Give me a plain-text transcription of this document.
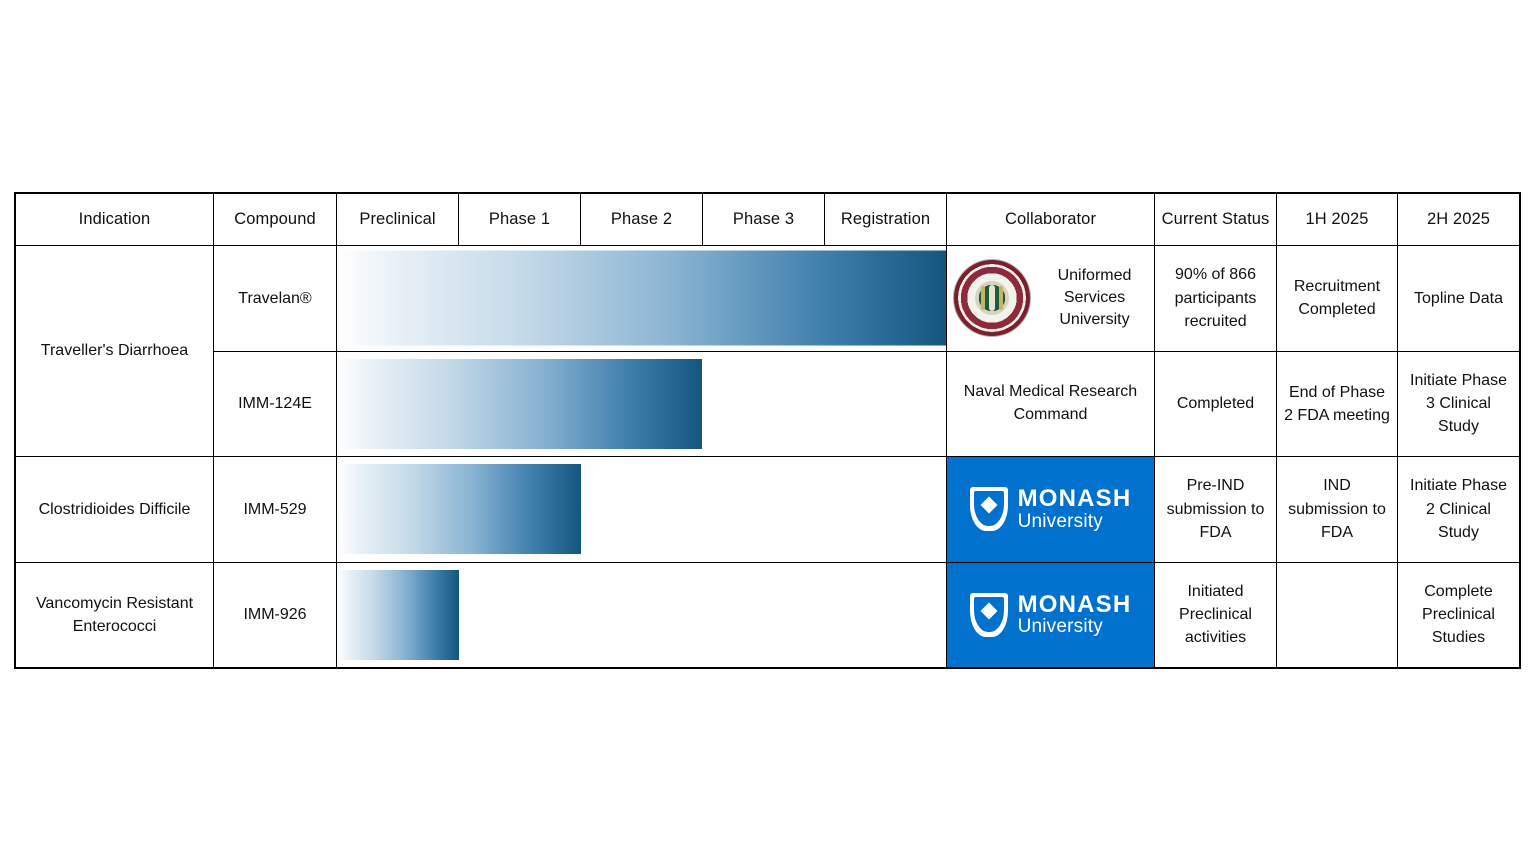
Indication	Compound	Preclinical	Phase 1	Phase 2	Phase 3	Registration	Collaborator	Current Status	1H 2025	2H 2025

Traveller's Diarrhoea	Travelan®						Uniformed Services University	90% of 866 participants recruited	Recruitment Completed	Topline Data

	IMM-124E						Naval Medical Research Command	Completed	End of Phase 2 FDA meeting	Initiate Phase 3 Clinical Study

Clostridioides Difficile	IMM-529						MONASH
University	Pre-IND submission to FDA	IND submission to FDA	Initiate Phase 2 Clinical Study

Vancomycin Resistant Enterococci	IMM-926						MONASH
University	Initiated Preclinical activities		Complete Preclinical Studies
